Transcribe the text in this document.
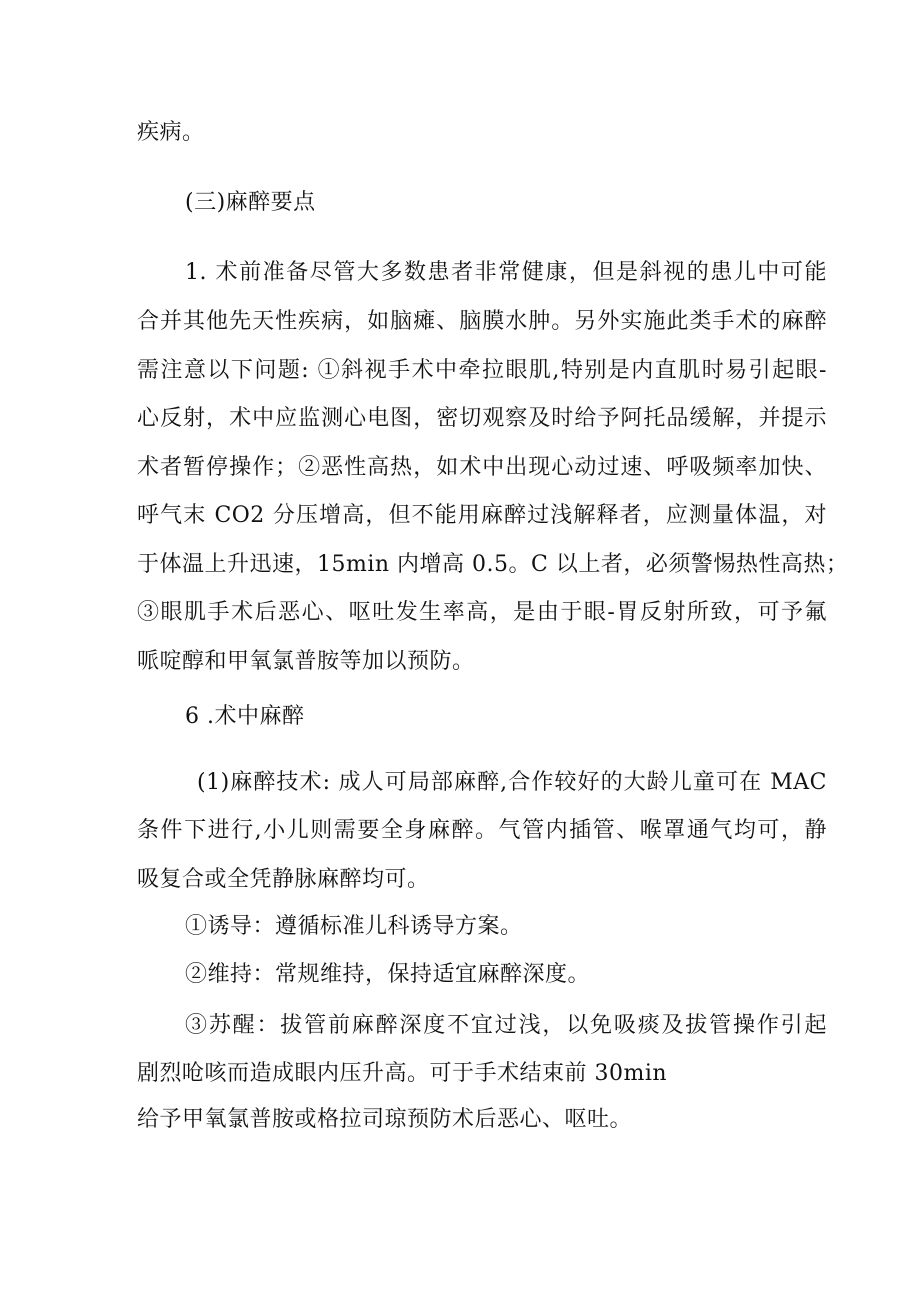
疾病。
(三)麻醉要点
1. 术前准备尽管大多数患者非常健康，但是斜视的患儿中可能
合并其他先天性疾病，如脑瘫、脑膜水肿。另外实施此类手术的麻醉
需注意以下问题: ①斜视手术中牵拉眼肌,特别是内直肌时易引起眼-
心反射，术中应监测心电图，密切观察及时给予阿托品缓解，并提示
术者暂停操作；②恶性高热，如术中出现心动过速、呼吸频率加快、
呼气末 CO2 分压增高，但不能用麻醉过浅解释者，应测量体温，对
于体温上升迅速，15min 内增高 0.5。C 以上者，必须警惕热性高热；
③眼肌手术后恶心、呕吐发生率高，是由于眼-胃反射所致，可予氟
哌啶醇和甲氧氯普胺等加以预防。
6 .术中麻醉
(1)麻醉技术: 成人可局部麻醉,合作较好的大龄儿童可在 MAC
条件下进行,小儿则需要全身麻醉。气管内插管、喉罩通气均可，静
吸复合或全凭静脉麻醉均可。
①诱导：遵循标准儿科诱导方案。
②维持：常规维持，保持适宜麻醉深度。
③苏醒：拔管前麻醉深度不宜过浅，以免吸痰及拔管操作引起
剧烈呛咳而造成眼内压升高。可于手术结束前 30min
给予甲氧氯普胺或格拉司琼预防术后恶心、呕吐。
